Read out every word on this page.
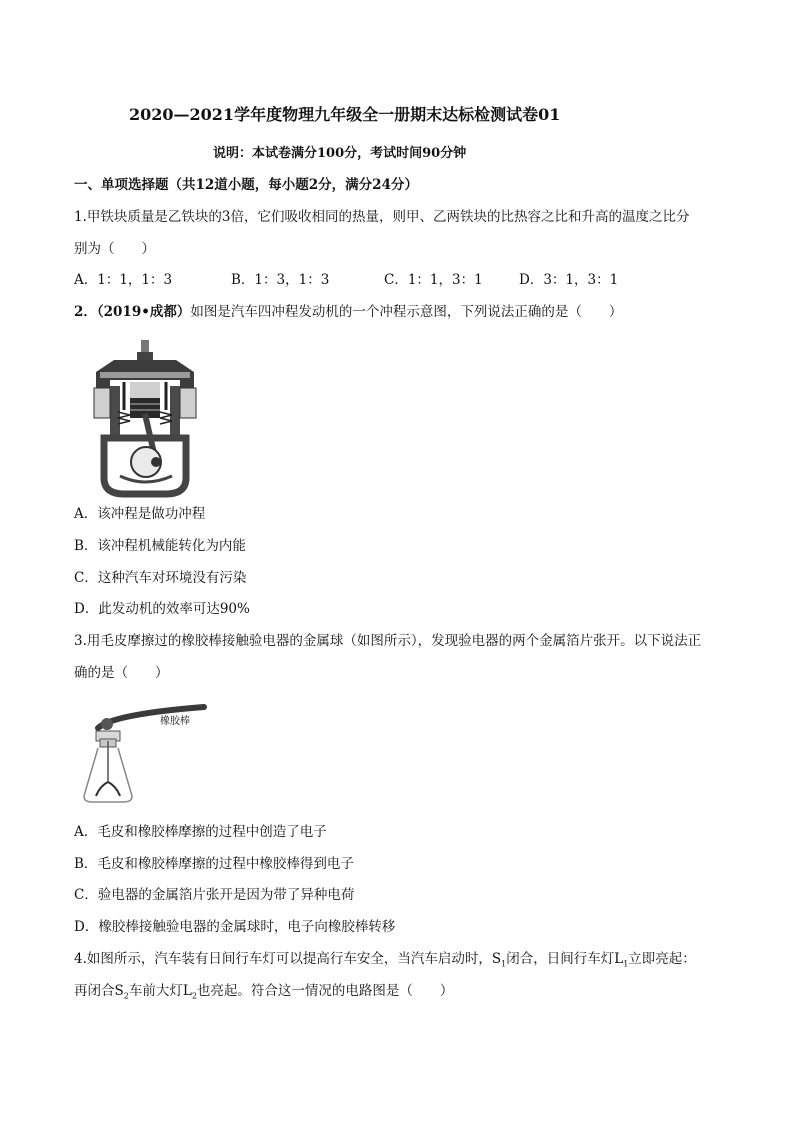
2020—2021学年度物理九年级全一册期末达标检测试卷01
说明：本试卷满分100分，考试时间90分钟
一、单项选择题（共12道小题，每小题2分，满分24分）
1.甲铁块质量是乙铁块的3倍，它们吸收相同的热量，则甲、乙两铁块的比热容之比和升高的温度之比分
别为（　　）
A．1：1，1：3	B．1：3，1：3	C．1：1，3：1	D．3：1，3：1
2．（2019•成都）如图是汽车四冲程发动机的一个冲程示意图，下列说法正确的是（　　）
A．该冲程是做功冲程
B．该冲程机械能转化为内能
C．这种汽车对环境没有污染
D．此发动机的效率可达90%
3.用毛皮摩擦过的橡胶棒接触验电器的金属球（如图所示），发现验电器的两个金属箔片张开。以下说法正
确的是（　　）
橡胶棒
A．毛皮和橡胶棒摩擦的过程中创造了电子
B．毛皮和橡胶棒摩擦的过程中橡胶棒得到电子
C．验电器的金属箔片张开是因为带了异种电荷
D．橡胶棒接触验电器的金属球时，电子向橡胶棒转移
4.如图所示，汽车装有日间行车灯可以提高行车安全，当汽车启动时，$S_1$闭合，日间行车灯$L_1$立即亮起：
再闭合$S_2$车前大灯$L_2$也亮起。符合这一情况的电路图是（　　）
